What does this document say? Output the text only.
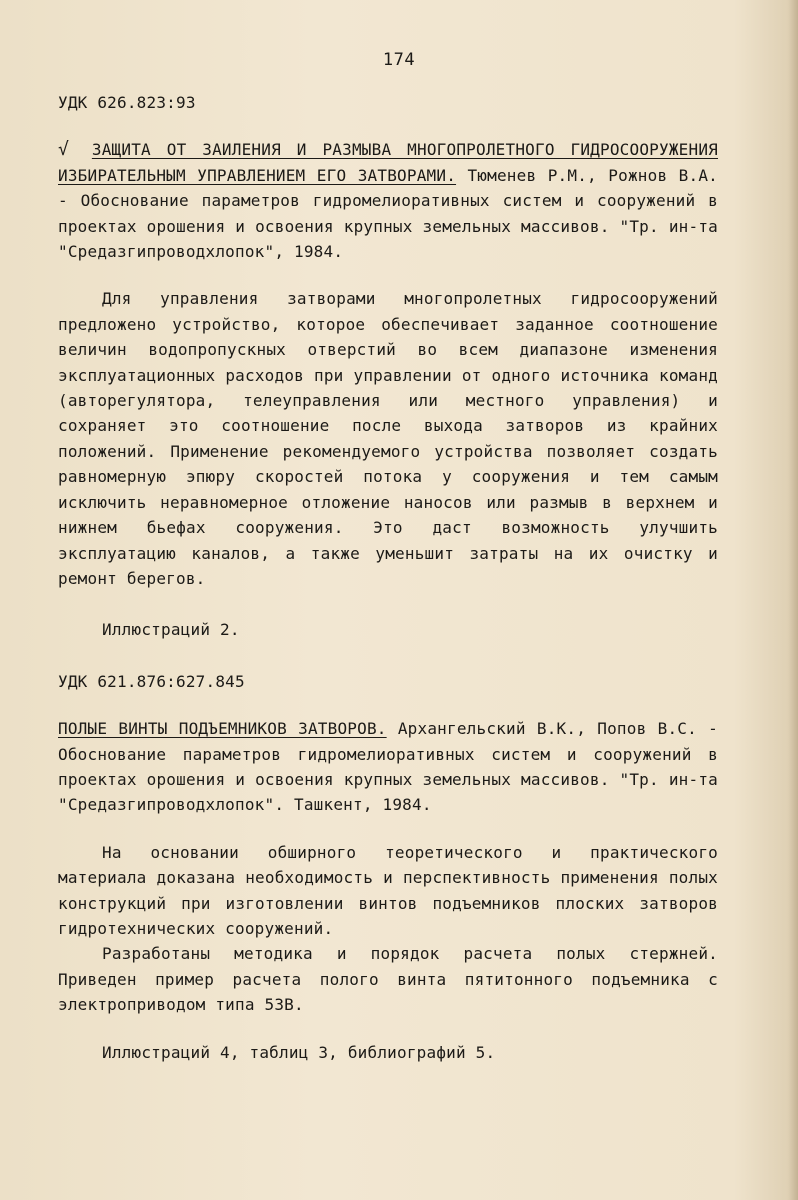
174

УДК 626.823:93

√ ЗАЩИТА ОТ ЗАИЛЕНИЯ И РАЗМЫВА МНОГОПРОЛЕТНОГО ГИДРОСООРУЖЕНИЯ ИЗБИРАТЕЛЬНЫМ УПРАВЛЕНИЕМ ЕГО ЗАТВОРАМИ. Тюменев Р.М., Рожнов В.А. - Обоснование параметров гидромелиоративных систем и сооружений в проектах орошения и освоения крупных земельных массивов. "Тр. ин-та "Средазгипроводхлопок", 1984.

Для управления затворами многопролетных гидросооружений предложено устройство, которое обеспечивает заданное соотношение величин водопропускных отверстий во всем диапазоне изменения эксплуатационных расходов при управлении от одного источника команд (авторегулятора, телеуправления или местного управления) и сохраняет это соотношение после выхода затворов из крайних положений. Применение рекомендуемого устройства позволяет создать равномерную эпюру скоростей потока у сооружения и тем самым исключить неравномерное отложение наносов или размыв в верхнем и нижнем бьефах сооружения. Это даст возможность улучшить эксплуатацию каналов, а также уменьшит затраты на их очистку и ремонт берегов.

Иллюстраций 2.

УДК 621.876:627.845

ПОЛЫЕ ВИНТЫ ПОДЪЕМНИКОВ ЗАТВОРОВ. Архангельский В.К., Попов В.С. - Обоснование параметров гидромелиоративных систем и сооружений в проектах орошения и освоения крупных земельных массивов. "Тр. ин-та "Средазгипроводхлопок". Ташкент, 1984.

На основании обширного теоретического и практического материала доказана необходимость и перспективность применения полых конструкций при изготовлении винтов подъемников плоских затворов гидротехнических сооружений.

Разработаны методика и порядок расчета полых стержней. Приведен пример расчета полого винта пятитонного подъемника с электроприводом типа 53В.

Иллюстраций 4, таблиц 3, библиографий 5.
